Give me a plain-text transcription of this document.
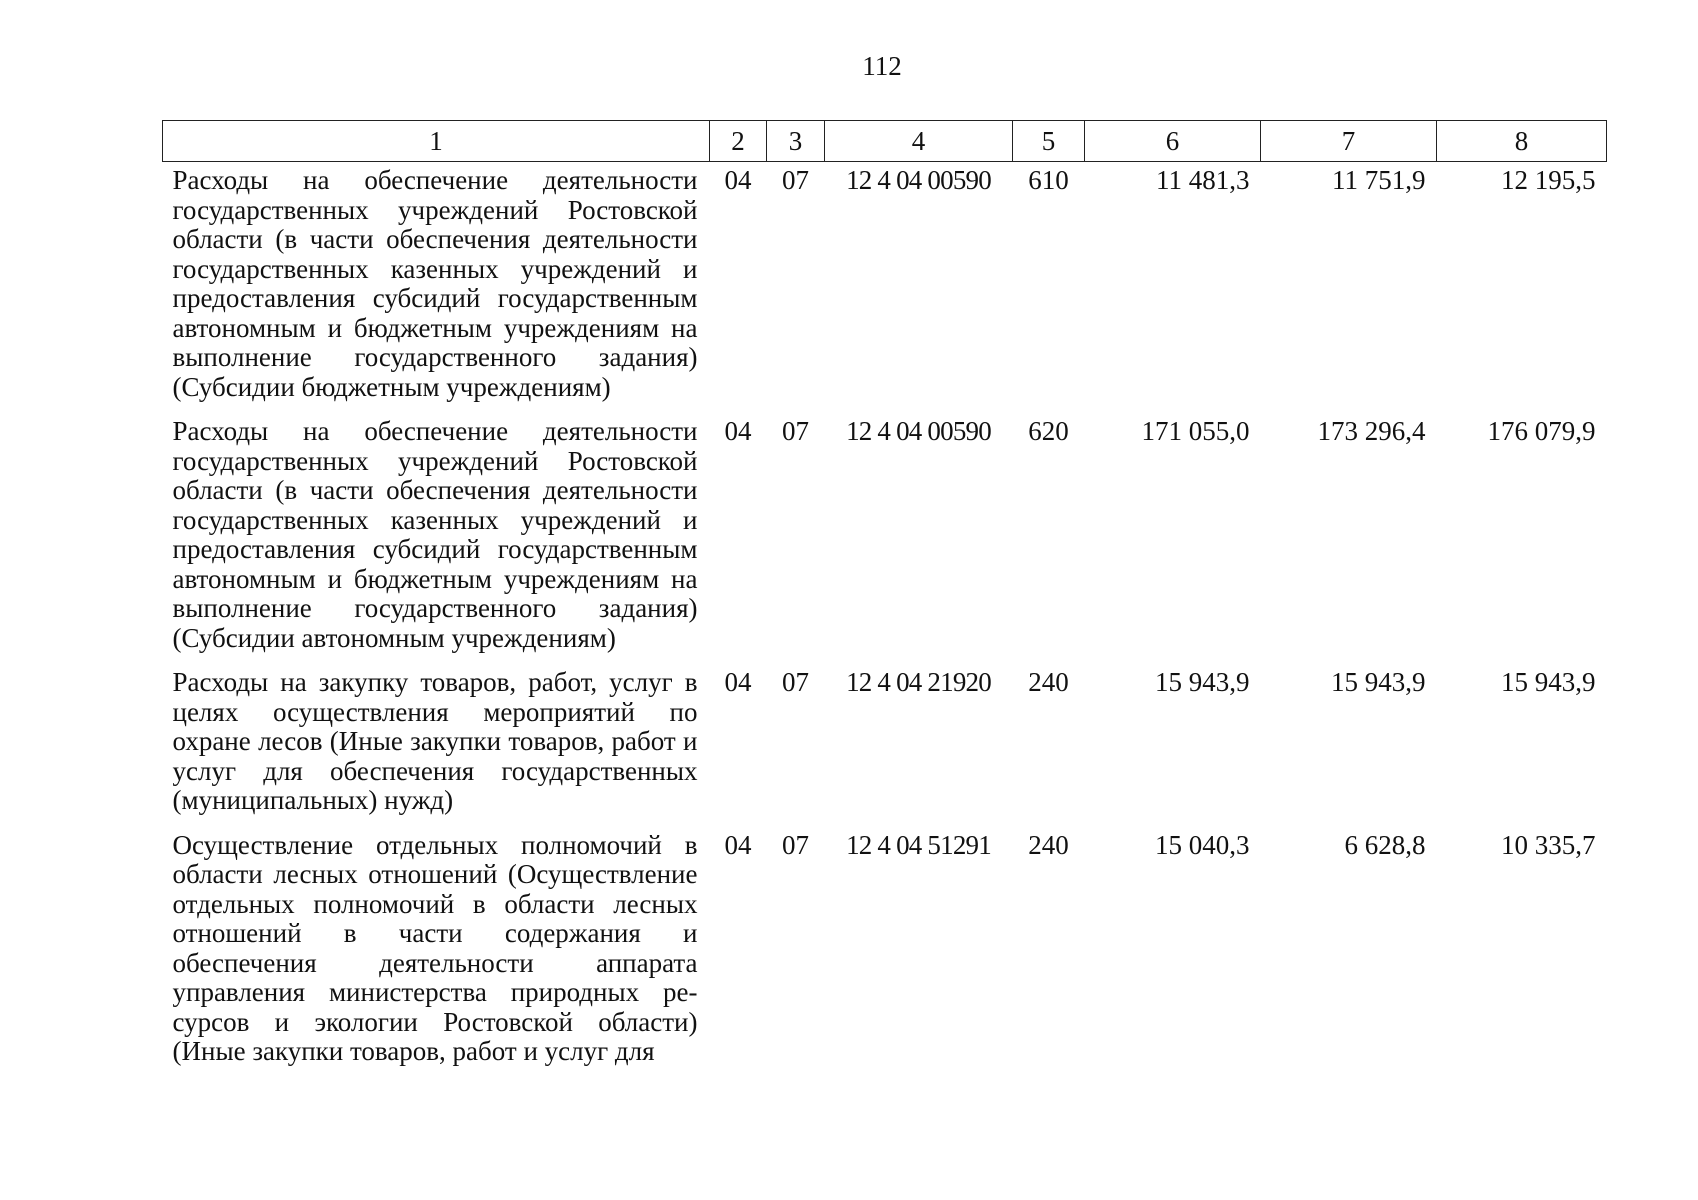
112
1	2	3	4	5	6	7	8
Расходы на обеспечение деятельности государственных учреждений Ростовской области (в части обеспечения деятельности государственных казенных учреждений и предоставления субсидий государственным автономным и бюджетным учреждениям на выполнение государственного задания) (Субсидии бюджетным учреждениям)	04	07	12 4 04 00590	610	11 481,3	11 751,9	12 195,5
Расходы на обеспечение деятельности государственных учреждений Ростовской области (в части обеспечения деятельности государственных казенных учреждений и предоставления субсидий государственным автономным и бюджетным учреждениям на выполнение государственного задания) (Субсидии автономным учреждениям)	04	07	12 4 04 00590	620	171 055,0	173 296,4	176 079,9
Расходы на закупку товаров, работ, услуг в целях осуществления мероприятий по охране лесов (Иные закупки товаров, работ и услуг для обеспечения государственных (муниципальных) нужд)	04	07	12 4 04 21920	240	15 943,9	15 943,9	15 943,9
Осуществление отдельных полномочий в области лесных отношений (Осуществление отдельных полномочий в области лесных отношений в части содержания и обеспечения деятельности аппарата управления министерства природных ресурсов и экологии Ростовской области) (Иные закупки товаров, работ и услуг для	04	07	12 4 04 51291	240	15 040,3	6 628,8	10 335,7
